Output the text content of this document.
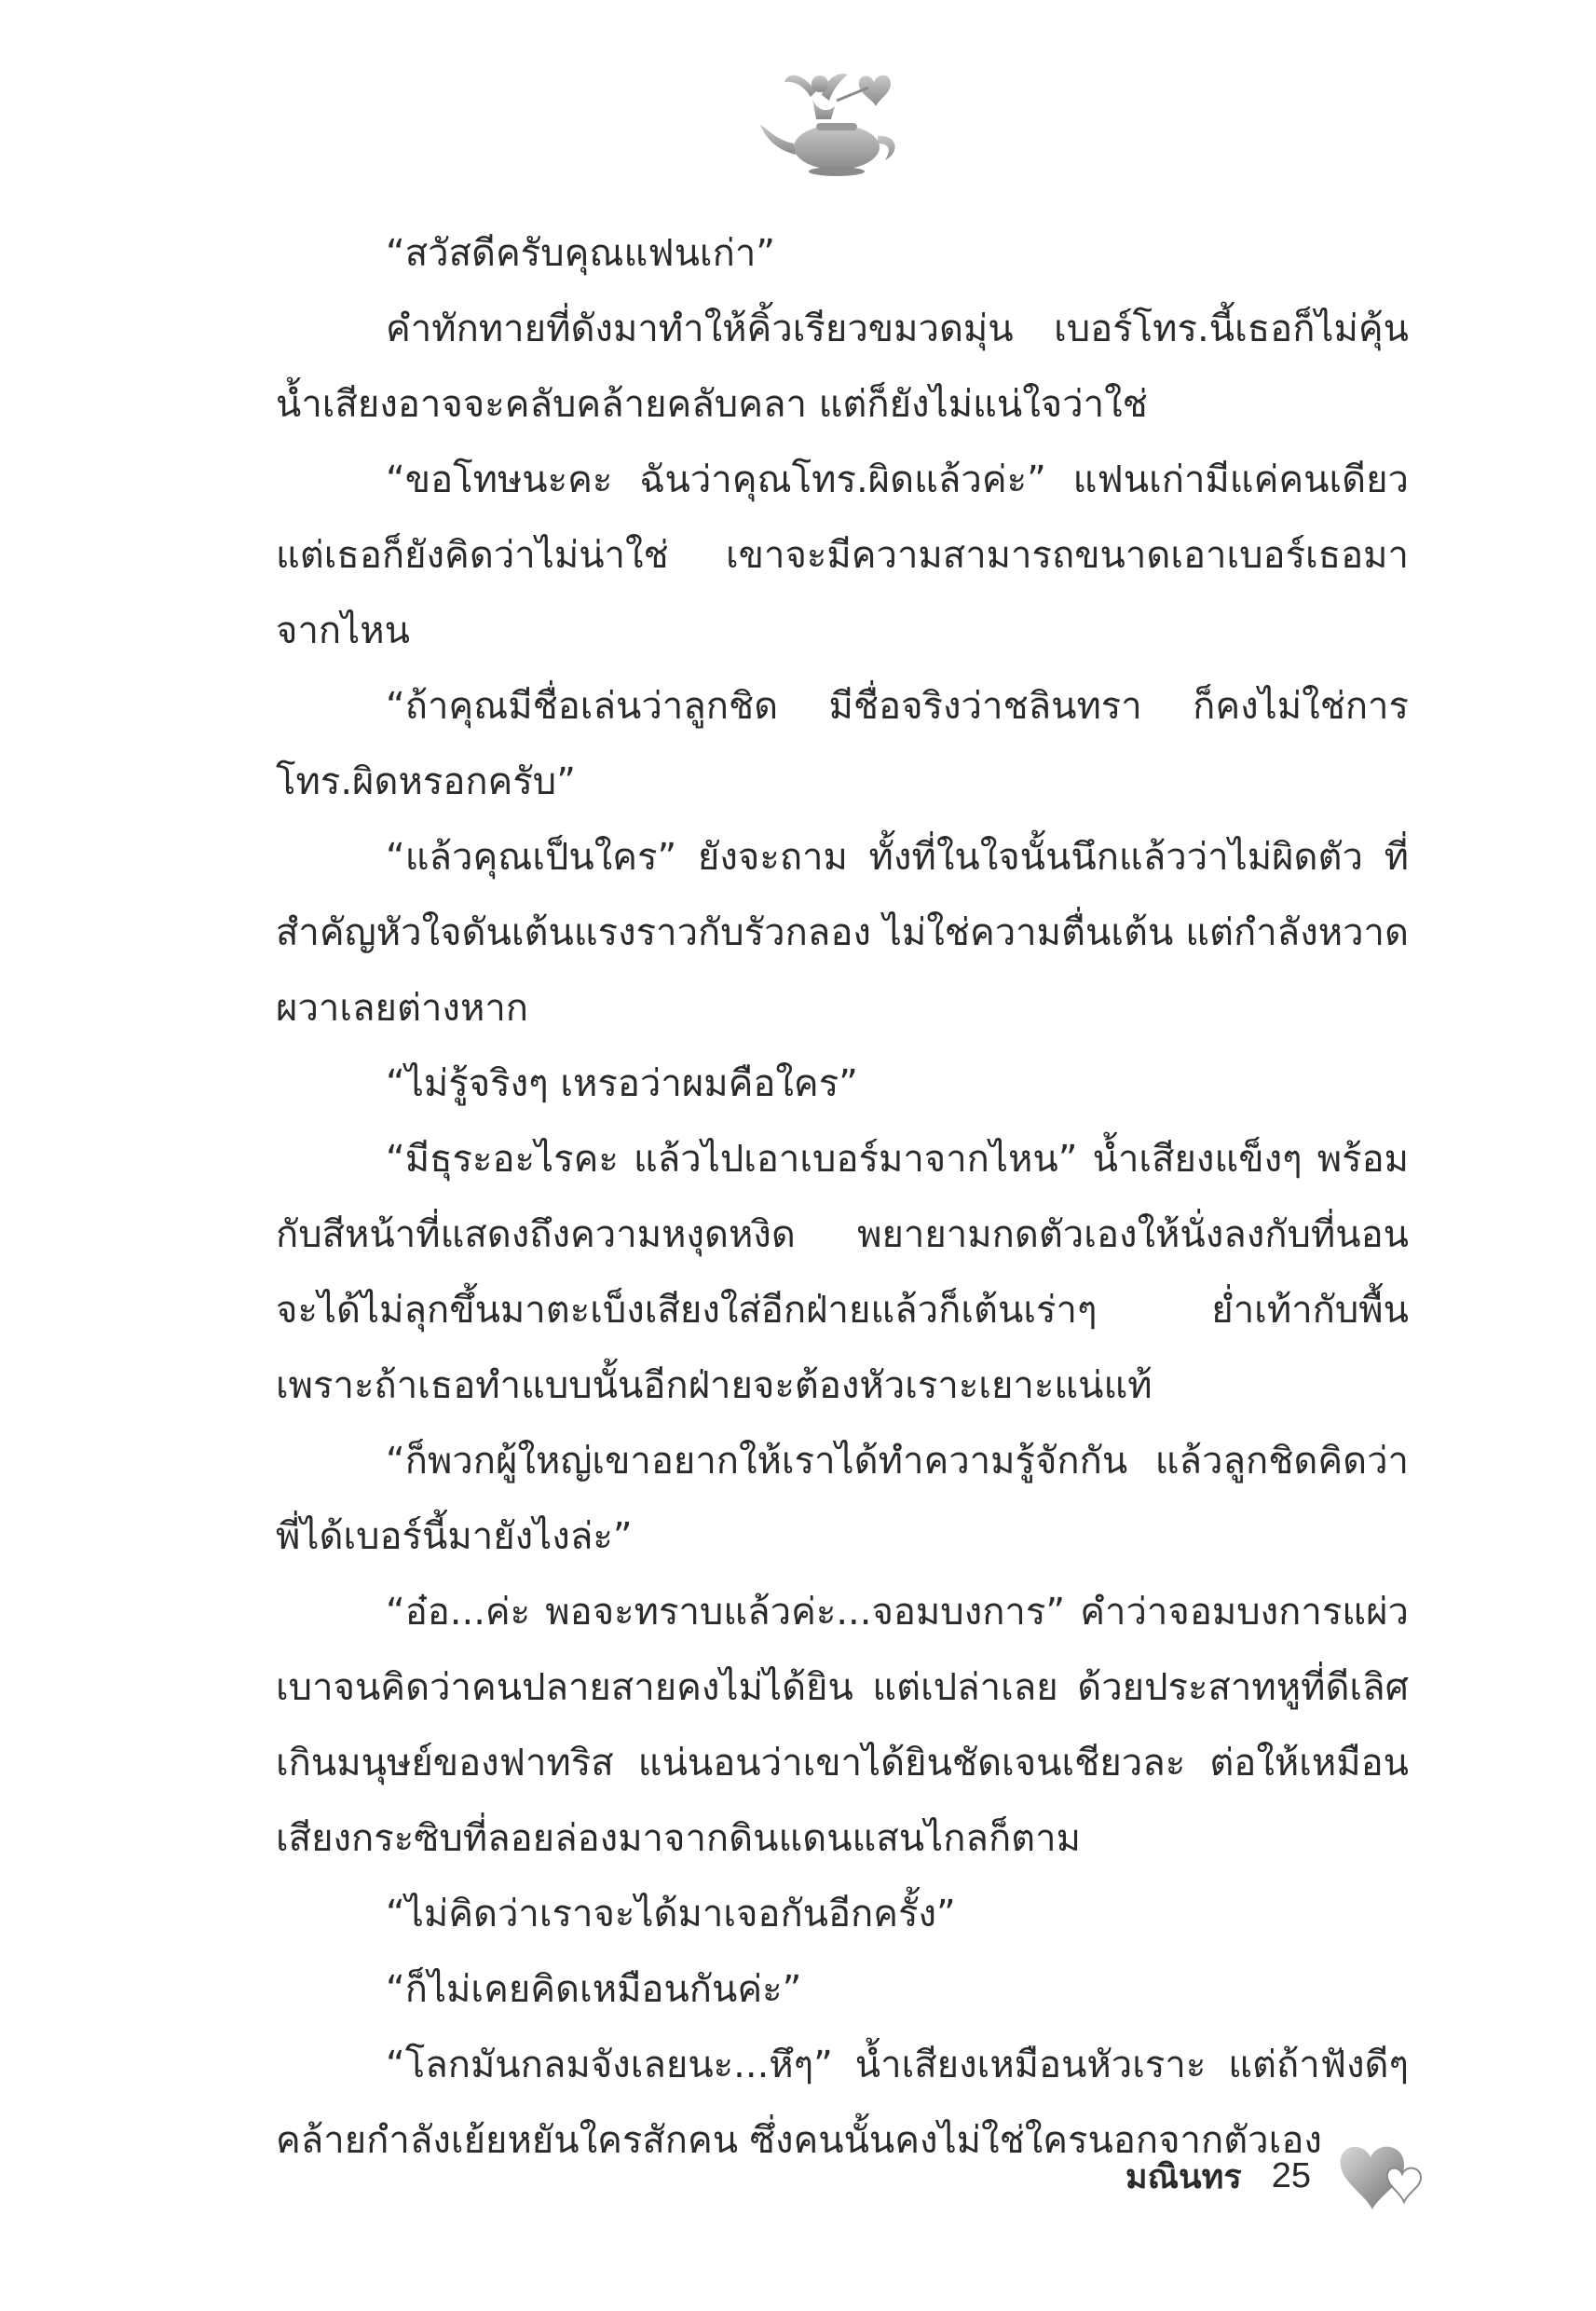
“สวัสดีครับคุณแฟนเก่า”

คำทักทายที่ดังมาทำให้คิ้วเรียวขมวดมุ่น เบอร์โทร.นี้เธอก็ไม่คุ้น น้ำเสียงอาจจะคลับคล้ายคลับคลา แต่ก็ยังไม่แน่ใจว่าใช่

“ขอโทษนะคะ ฉันว่าคุณโทร.ผิดแล้วค่ะ” แฟนเก่ามีแค่คนเดียว แต่เธอก็ยังคิดว่าไม่น่าใช่ เขาจะมีความสามารถขนาดเอาเบอร์เธอมาจากไหน

“ถ้าคุณมีชื่อเล่นว่าลูกชิด มีชื่อจริงว่าชลินทรา ก็คงไม่ใช่การโทร.ผิดหรอกครับ”

“แล้วคุณเป็นใคร” ยังจะถาม ทั้งที่ในใจนั้นนึกแล้วว่าไม่ผิดตัว ที่สำคัญหัวใจดันเต้นแรงราวกับรัวกลอง ไม่ใช่ความตื่นเต้น แต่กำลังหวาดผวาเลยต่างหาก

“ไม่รู้จริงๆ เหรอว่าผมคือใคร”

“มีธุระอะไรคะ แล้วไปเอาเบอร์มาจากไหน” น้ำเสียงแข็งๆ พร้อมกับสีหน้าที่แสดงถึงความหงุดหงิด พยายามกดตัวเองให้นั่งลงกับที่นอน จะได้ไม่ลุกขึ้นมาตะเบ็งเสียงใส่อีกฝ่ายแล้วก็เต้นเร่าๆ ย่ำเท้ากับพื้น เพราะถ้าเธอทำแบบนั้นอีกฝ่ายจะต้องหัวเราะเยาะแน่แท้

“ก็พวกผู้ใหญ่เขาอยากให้เราได้ทำความรู้จักกัน แล้วลูกชิดคิดว่าพี่ได้เบอร์นี้มายังไงล่ะ”

“อ๋อ...ค่ะ พอจะทราบแล้วค่ะ...จอมบงการ” คำว่าจอมบงการแผ่วเบาจนคิดว่าคนปลายสายคงไม่ได้ยิน แต่เปล่าเลย ด้วยประสาทหูที่ดีเลิศเกินมนุษย์ของฟาทริส แน่นอนว่าเขาได้ยินชัดเจนเชียวละ ต่อให้เหมือนเสียงกระซิบที่ลอยล่องมาจากดินแดนแสนไกลก็ตาม

“ไม่คิดว่าเราจะได้มาเจอกันอีกครั้ง”

“ก็ไม่เคยคิดเหมือนกันค่ะ”

“โลกมันกลมจังเลยนะ...หึๆ” น้ำเสียงเหมือนหัวเราะ แต่ถ้าฟังดีๆ คล้ายกำลังเย้ยหยันใครสักคน ซึ่งคนนั้นคงไม่ใช่ใครนอกจากตัวเอง

มณินทร 25
